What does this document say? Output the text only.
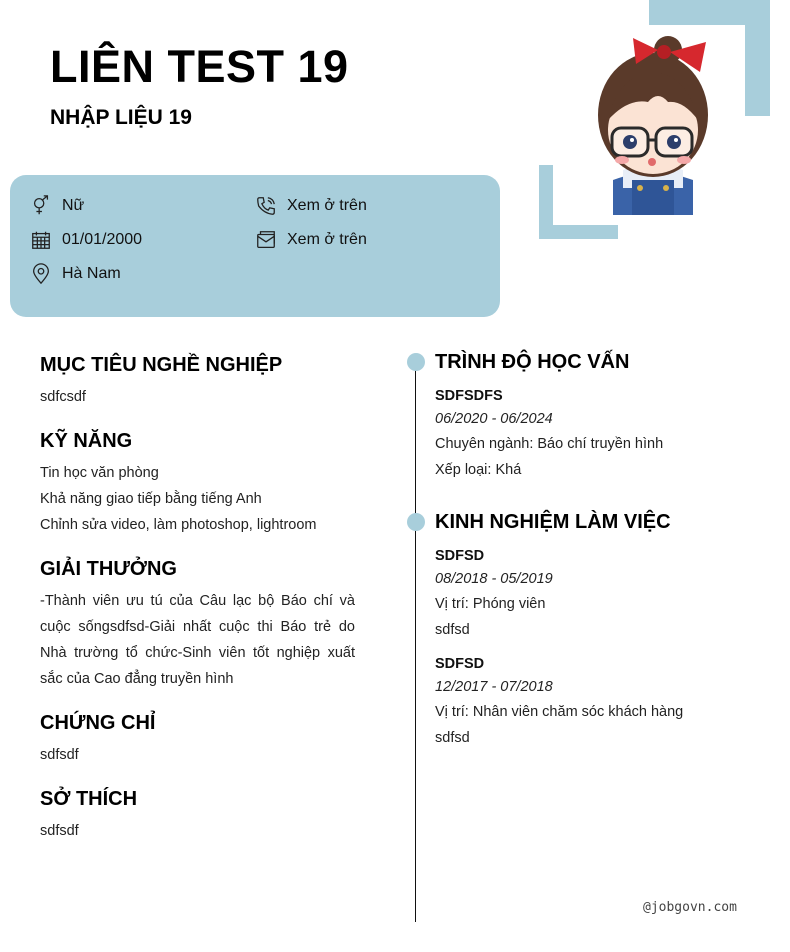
LIÊN TEST 19
NHẬP LIỆU 19
Nữ	Xem ở trên
01/01/2000	Xem ở trên
Hà Nam
MỤC TIÊU NGHỀ NGHIỆP
sdfcsdf
KỸ NĂNG
Tin học văn phòng
Khả năng giao tiếp bằng tiếng Anh
Chỉnh sửa video, làm photoshop, lightroom
GIẢI THƯỞNG
-Thành viên ưu tú của Câu lạc bộ Báo chí và cuộc sốngsdfsd-Giải nhất cuộc thi Báo trẻ do Nhà trường tổ chức-Sinh viên tốt nghiệp xuất sắc của Cao đẳng truyền hình
CHỨNG CHỈ
sdfsdf
SỞ THÍCH
sdfsdf
TRÌNH ĐỘ HỌC VẤN
SDFSDFS
06/2020 - 06/2024
Chuyên ngành: Báo chí truyền hình
Xếp loại: Khá
KINH NGHIỆM LÀM VIỆC
SDFSD
08/2018 - 05/2019
Vị trí: Phóng viên
sdfsd
SDFSD
12/2017 - 07/2018
Vị trí: Nhân viên chăm sóc khách hàng
sdfsd
@jobgovn.com
